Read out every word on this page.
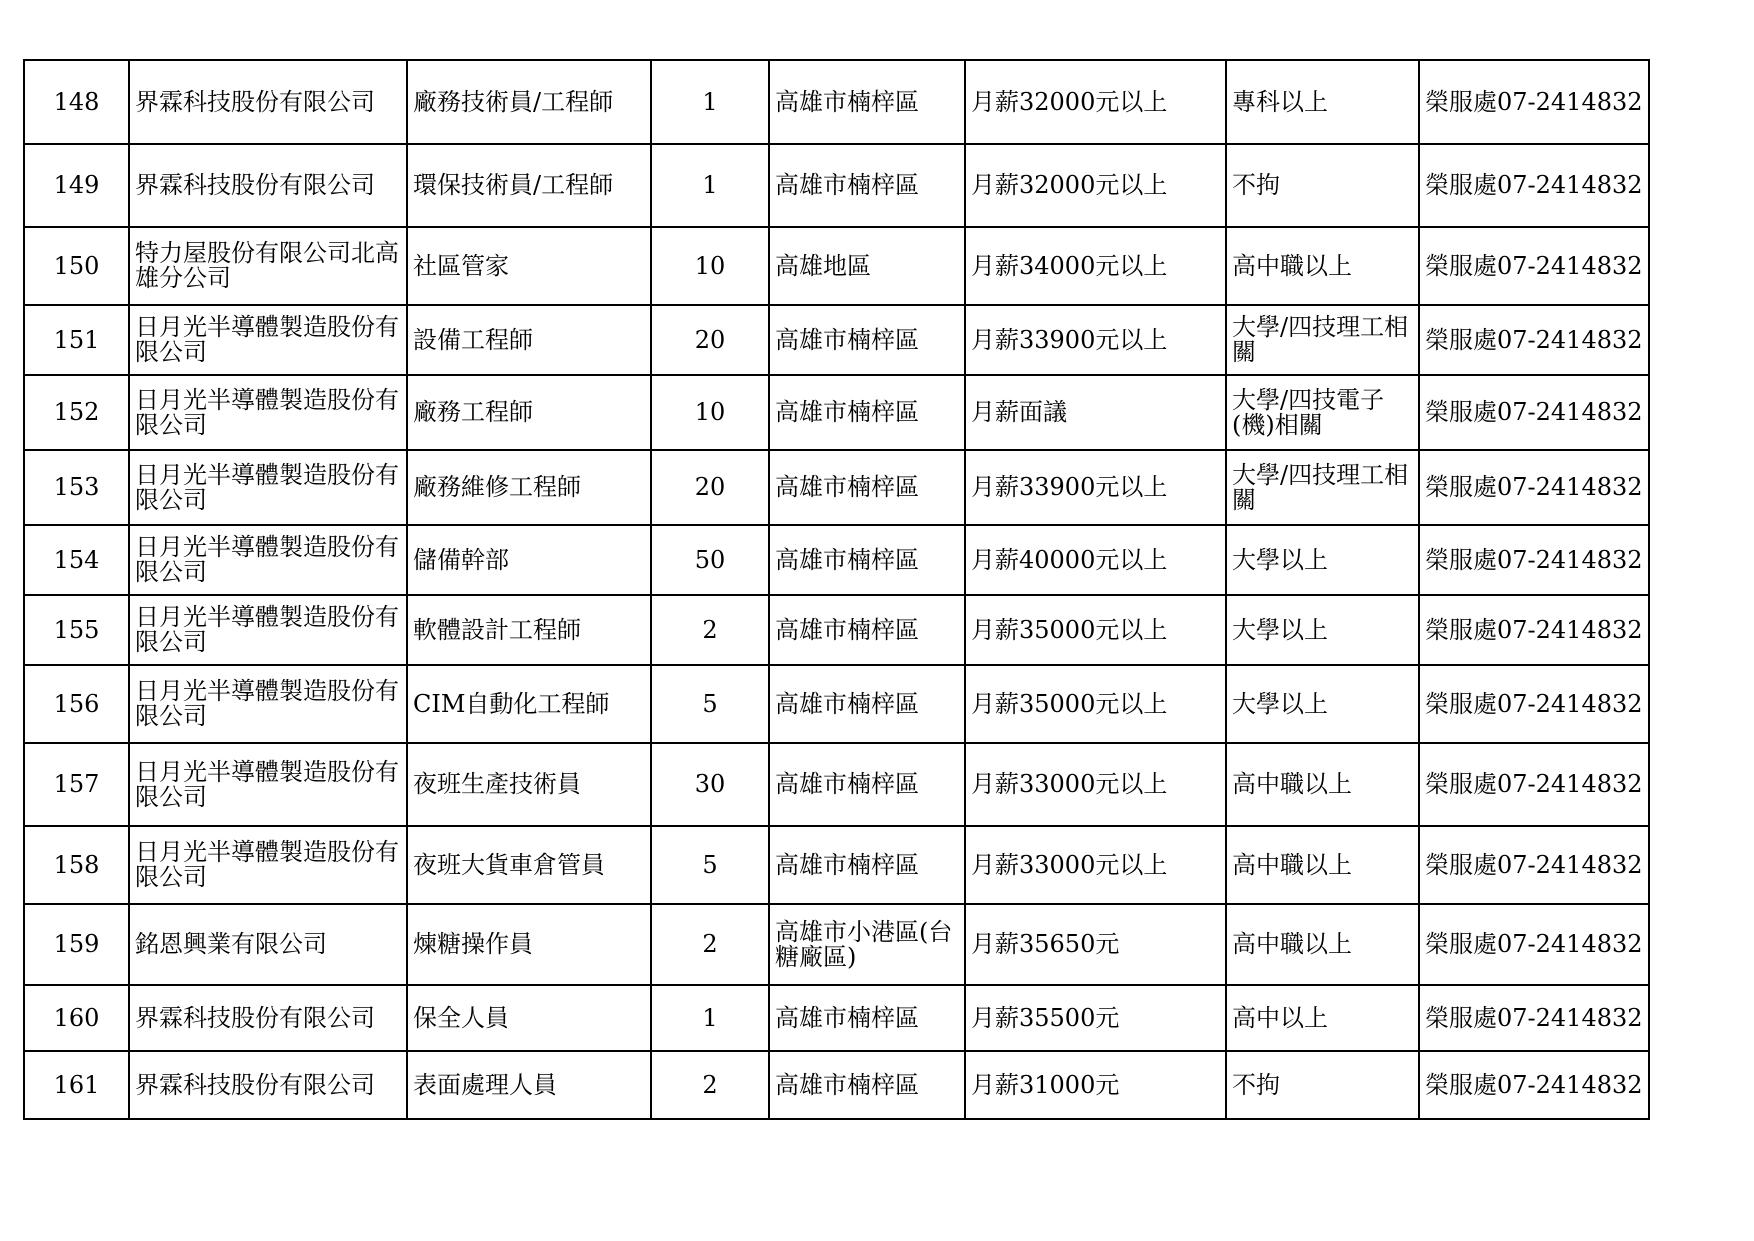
148	界霖科技股份有限公司	廠務技術員/工程師	1	高雄市楠梓區	月薪32000元以上	專科以上	榮服處07-2414832
149	界霖科技股份有限公司	環保技術員/工程師	1	高雄市楠梓區	月薪32000元以上	不拘	榮服處07-2414832
150	特力屋股份有限公司北高雄分公司	社區管家	10	高雄地區	月薪34000元以上	高中職以上	榮服處07-2414832
151	日月光半導體製造股份有限公司	設備工程師	20	高雄市楠梓區	月薪33900元以上	大學/四技理工相關	榮服處07-2414832
152	日月光半導體製造股份有限公司	廠務工程師	10	高雄市楠梓區	月薪面議	大學/四技電子(機)相關	榮服處07-2414832
153	日月光半導體製造股份有限公司	廠務維修工程師	20	高雄市楠梓區	月薪33900元以上	大學/四技理工相關	榮服處07-2414832
154	日月光半導體製造股份有限公司	儲備幹部	50	高雄市楠梓區	月薪40000元以上	大學以上	榮服處07-2414832
155	日月光半導體製造股份有限公司	軟體設計工程師	2	高雄市楠梓區	月薪35000元以上	大學以上	榮服處07-2414832
156	日月光半導體製造股份有限公司	CIM自動化工程師	5	高雄市楠梓區	月薪35000元以上	大學以上	榮服處07-2414832
157	日月光半導體製造股份有限公司	夜班生產技術員	30	高雄市楠梓區	月薪33000元以上	高中職以上	榮服處07-2414832
158	日月光半導體製造股份有限公司	夜班大貨車倉管員	5	高雄市楠梓區	月薪33000元以上	高中職以上	榮服處07-2414832
159	銘恩興業有限公司	煉糖操作員	2	高雄市小港區(台糖廠區)	月薪35650元	高中職以上	榮服處07-2414832
160	界霖科技股份有限公司	保全人員	1	高雄市楠梓區	月薪35500元	高中以上	榮服處07-2414832
161	界霖科技股份有限公司	表面處理人員	2	高雄市楠梓區	月薪31000元	不拘	榮服處07-2414832
